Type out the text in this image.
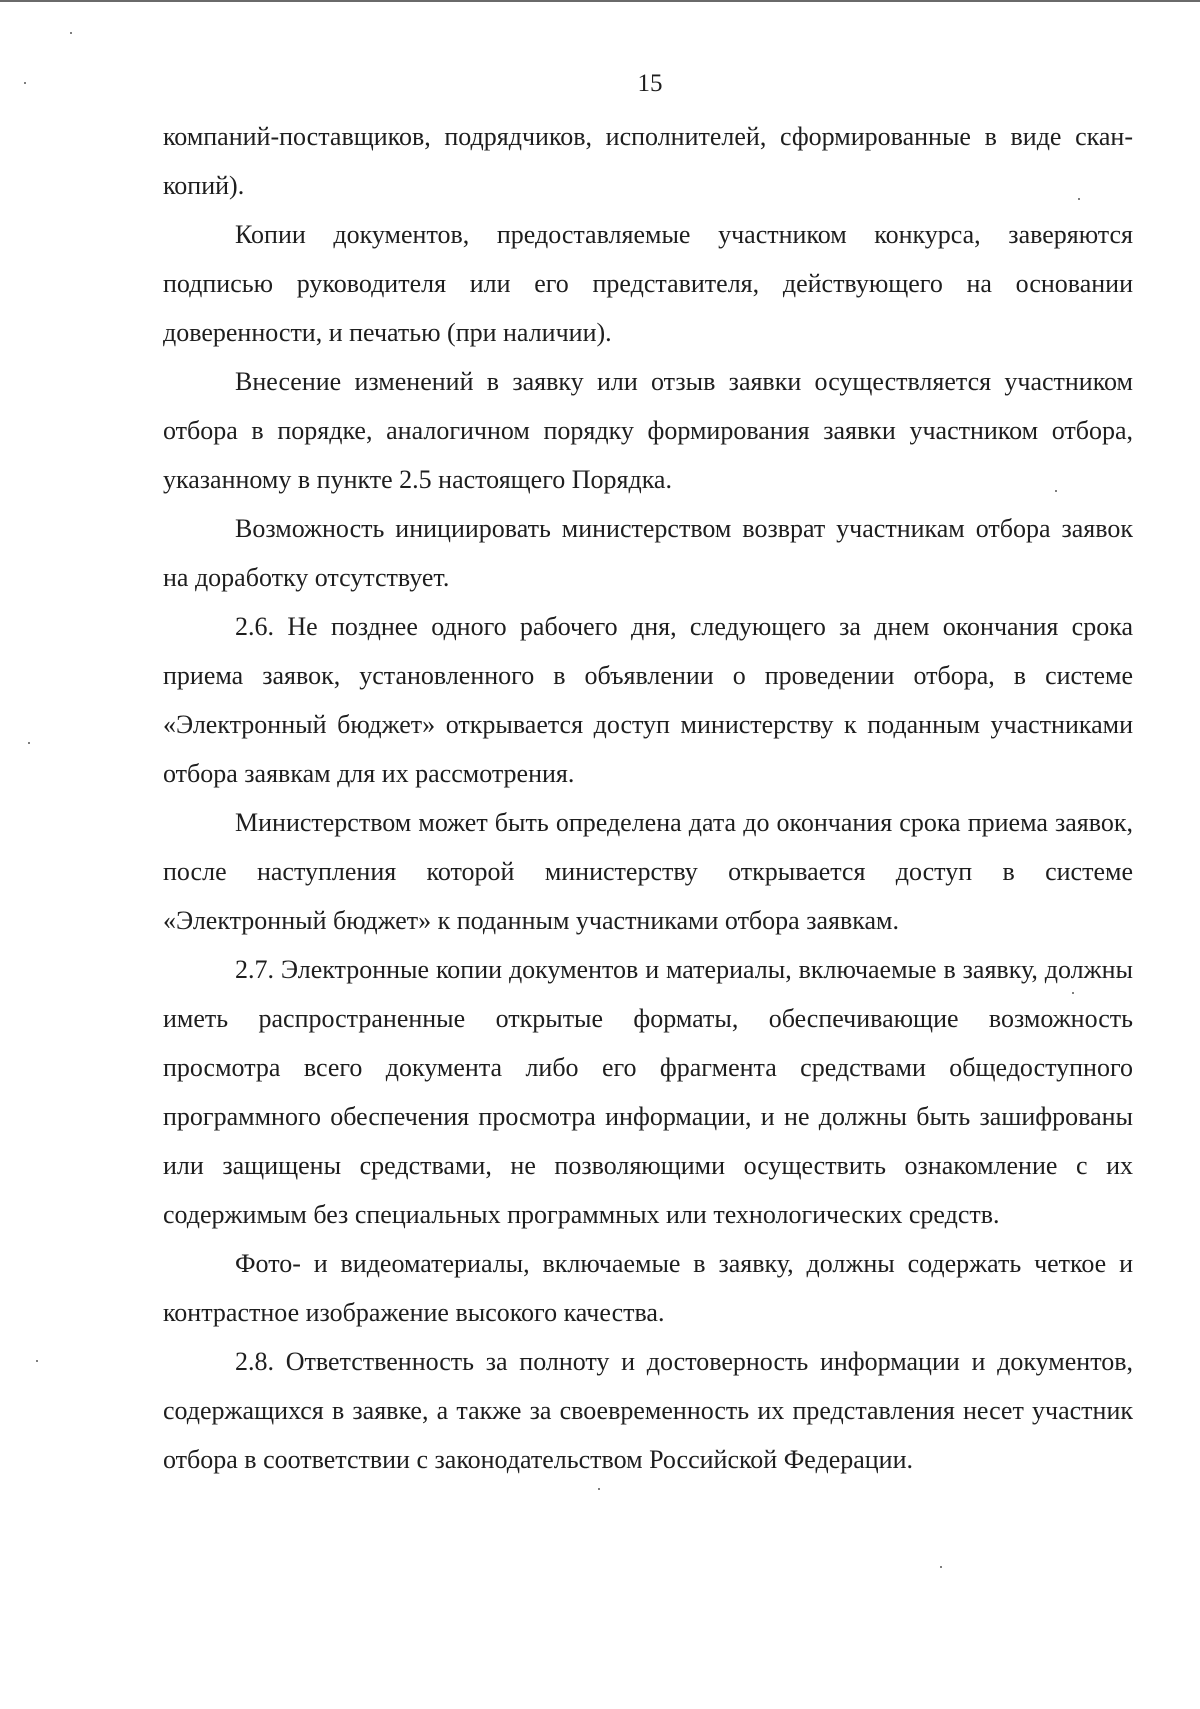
15

компаний-поставщиков, подрядчиков, исполнителей, сформированные в виде скан-копий).

Копии документов, предоставляемые участником конкурса, заверяются подписью руководителя или его представителя, действующего на основании доверенности, и печатью (при наличии).

Внесение изменений в заявку или отзыв заявки осуществляется участником отбора в порядке, аналогичном порядку формирования заявки участником отбора, указанному в пункте 2.5 настоящего Порядка.

Возможность инициировать министерством возврат участникам отбора заявок на доработку отсутствует.

2.6. Не позднее одного рабочего дня, следующего за днем окончания срока приема заявок, установленного в объявлении о проведении отбора, в системе «Электронный бюджет» открывается доступ министерству к поданным участниками отбора заявкам для их рассмотрения.

Министерством может быть определена дата до окончания срока приема заявок, после наступления которой министерству открывается доступ в системе «Электронный бюджет» к поданным участниками отбора заявкам.

2.7. Электронные копии документов и материалы, включаемые в заявку, должны иметь распространенные открытые форматы, обеспечивающие возможность просмотра всего документа либо его фрагмента средствами общедоступного программного обеспечения просмотра информации, и не должны быть зашифрованы или защищены средствами, не позволяющими осуществить ознакомление с их содержимым без специальных программных или технологических средств.

Фото- и видеоматериалы, включаемые в заявку, должны содержать четкое и контрастное изображение высокого качества.

2.8. Ответственность за полноту и достоверность информации и документов, содержащихся в заявке, а также за своевременность их представления несет участник отбора в соответствии с законодательством Российской Федерации.
